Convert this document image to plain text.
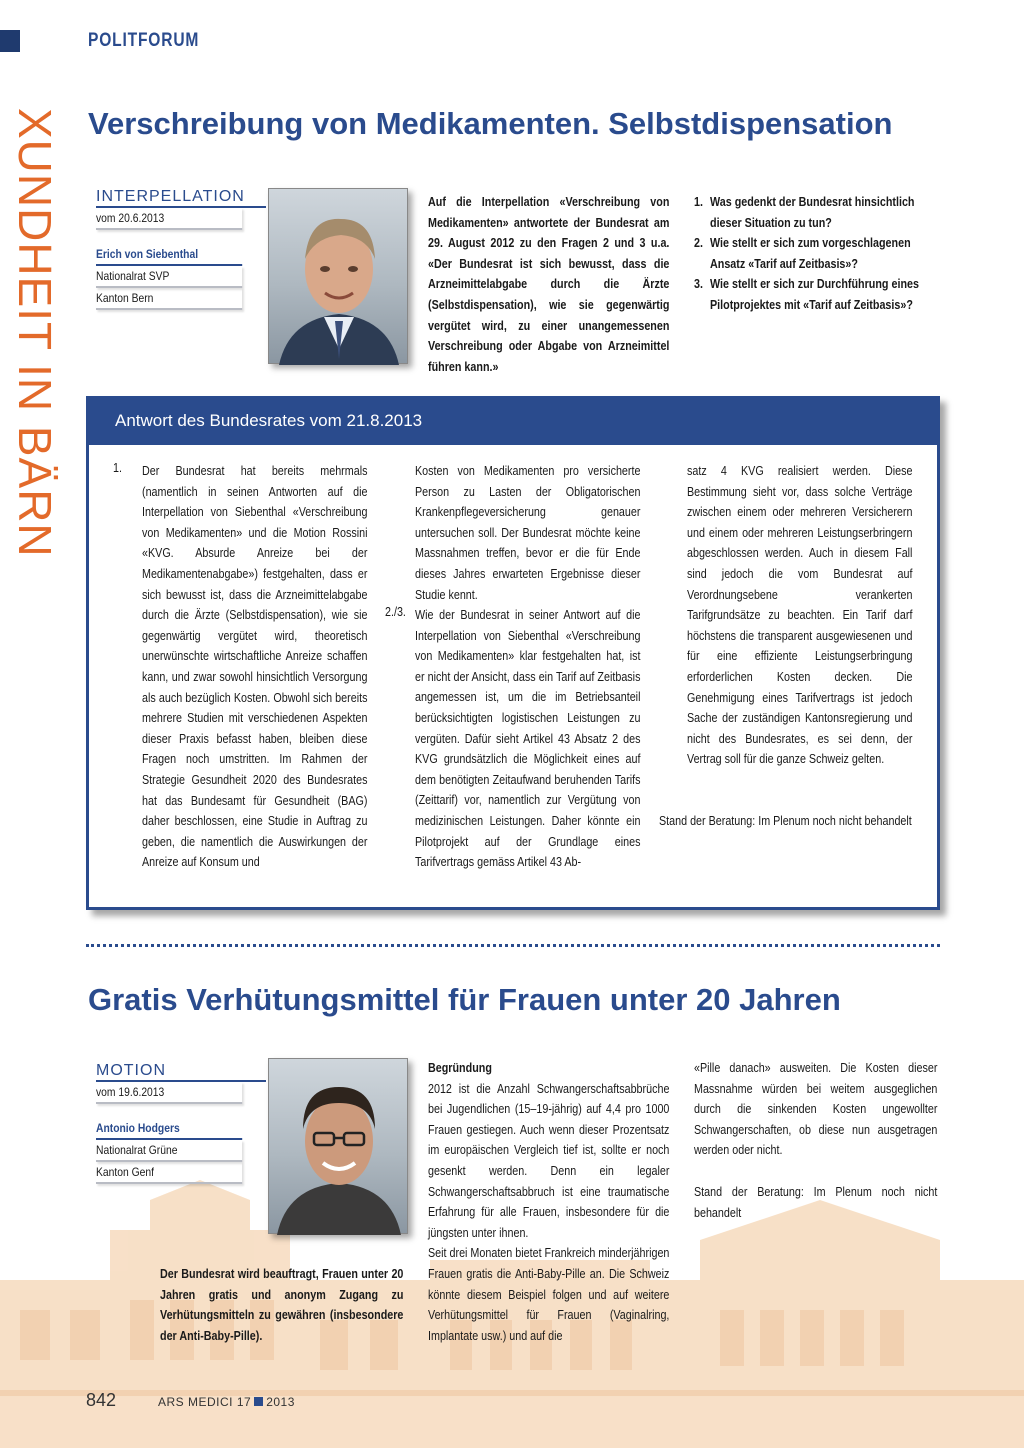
POLITFORUM
XUNDHEIT IN BÄRN Verschreibung von Medikamenten. Selbstdispensation
INTERPELLATION
vom 20.6.2013
Erich von Siebenthal
Nationalrat SVP
Kanton Bern

Auf die Interpellation «Verschreibung von Medikamenten» antwortete der Bundesrat am 29. August 2012 zu den Fragen 2 und 3 u.a. «Der Bundesrat ist sich bewusst, dass die Arzneimittelabgabe durch die Ärzte (Selbstdispensation), wie sie gegenwärtig vergütet wird, zu einer unangemessenen Verschreibung oder Abgabe von Arzneimittel führen kann.»

1. Was gedenkt der Bundesrat hinsichtlich dieser Situation zu tun?
2. Wie stellt er sich zum vorgeschlagenen Ansatz «Tarif auf Zeitbasis»?
3. Wie stellt er sich zur Durchführung eines Pilotprojektes mit «Tarif auf Zeitbasis»?
Antwort des Bundesrates vom 21.8.2013
1. Der Bundesrat hat bereits mehrmals (namentlich in seinen Antworten auf die Interpellation von Siebenthal «Verschreibung von Medikamenten» und die Motion Rossini «KVG. Absurde Anreize bei der Medikamentenabgabe») festgehalten, dass er sich bewusst ist, dass die Arzneimittelabgabe durch die Ärzte (Selbstdispensation), wie sie gegenwärtig vergütet wird, theoretisch unerwünschte wirtschaftliche Anreize schaffen kann, und zwar sowohl hinsichtlich Versorgung als auch bezüglich Kosten. Obwohl sich bereits mehrere Studien mit verschiedenen Aspekten dieser Praxis befasst haben, bleiben diese Fragen noch umstritten. Im Rahmen der Strategie Gesundheit 2020 des Bundesrates hat das Bundesamt für Gesundheit (BAG) daher beschlossen, eine Studie in Auftrag zu geben, die namentlich die Auswirkungen der Anreize auf Konsum und

Kosten von Medikamenten pro versicherte Person zu Lasten der Obligatorischen Krankenpflegeversicherung genauer untersuchen soll. Der Bundesrat möchte keine Massnahmen treffen, bevor er die für Ende dieses Jahres erwarteten Ergebnisse dieser Studie kennt.

2./3. Wie der Bundesrat in seiner Antwort auf die Interpellation von Siebenthal «Verschreibung von Medikamenten» klar festgehalten hat, ist er nicht der Ansicht, dass ein Tarif auf Zeitbasis angemessen ist, um die im Betriebsanteil berücksichtigten logistischen Leistungen zu vergüten. Dafür sieht Artikel 43 Absatz 2 des KVG grundsätzlich die Möglichkeit eines auf dem benötigten Zeitaufwand beruhenden Tarifs (Zeittarif) vor, namentlich zur Vergütung von medizinischen Leistungen. Daher könnte ein Pilotprojekt auf der Grundlage eines Tarifvertrags gemäss Artikel 43 Ab-

satz 4 KVG realisiert werden. Diese Bestimmung sieht vor, dass solche Verträge zwischen einem oder mehreren Versicherern und einem oder mehreren Leistungserbringern abgeschlossen werden. Auch in diesem Fall sind jedoch die vom Bundesrat auf Verordnungsebene verankerten Tarifgrundsätze zu beachten. Ein Tarif darf höchstens die transparent ausgewiesenen und für eine effiziente Leistungserbringung erforderlichen Kosten decken. Die Genehmigung eines Tarifvertrags ist jedoch Sache der zuständigen Kantonsregierung und nicht des Bundesrates, es sei denn, der Vertrag soll für die ganze Schweiz gelten.

Stand der Beratung: Im Plenum noch nicht behandelt

Gratis Verhütungsmittel für Frauen unter 20 Jahren
MOTION
vom 19.6.2013
Antonio Hodgers
Nationalrat Grüne
Kanton Genf

Der Bundesrat wird beauftragt, Frauen unter 20 Jahren gratis und anonym Zugang zu Verhütungsmitteln zu gewähren (insbesondere der Anti-Baby-Pille).

Begründung

2012 ist die Anzahl Schwangerschaftsabbrüche bei Jugendlichen (15–19-jährig) auf 4,4 pro 1000 Frauen gestiegen. Auch wenn dieser Prozentsatz im europäischen Vergleich tief ist, sollte er noch gesenkt werden. Denn ein legaler Schwangerschaftsabbruch ist eine traumatische Erfahrung für alle Frauen, insbesondere für die jüngsten unter ihnen.

Seit drei Monaten bietet Frankreich minderjährigen Frauen gratis die Anti-Baby-Pille an. Die Schweiz könnte diesem Beispiel folgen und auf weitere Verhütungsmittel für Frauen (Vaginalring, Implantate usw.) und auf die

«Pille danach» ausweiten. Die Kosten dieser Massnahme würden bei weitem ausgeglichen durch die sinkenden Kosten ungewollter Schwangerschaften, ob diese nun ausgetragen werden oder nicht.

Stand der Beratung: Im Plenum noch nicht behandelt

842	ARS MEDICI 17 2013
